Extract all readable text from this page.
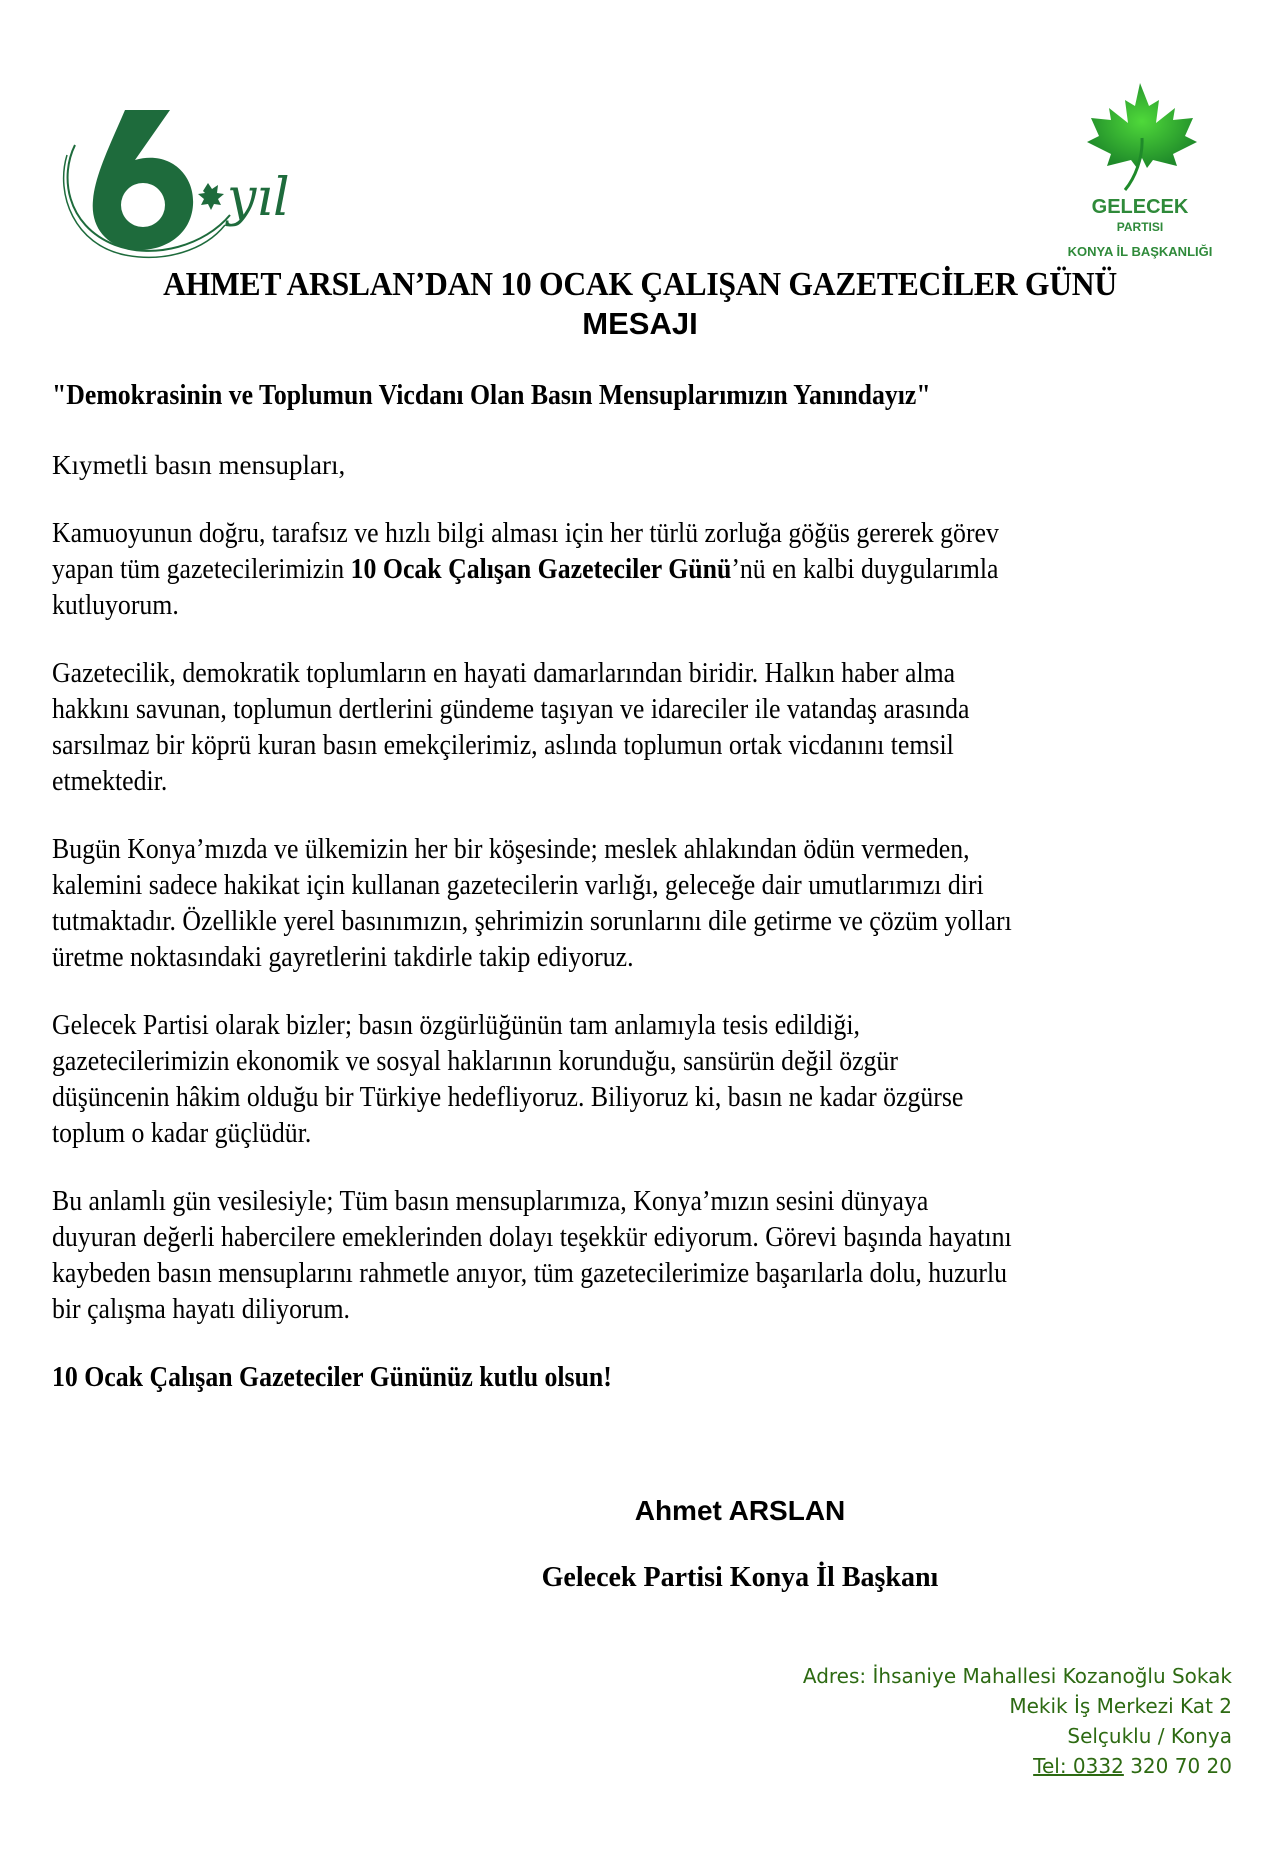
yıl	GELECEK
PARTISI
KONYA İL BAŞKANLIĞI
AHMET ARSLAN’DAN 10 OCAK ÇALIŞAN GAZETECİLER GÜNÜ
MESAJI
"Demokrasinin ve Toplumun Vicdanı Olan Basın Mensuplarımızın Yanındayız"
Kıymetli basın mensupları,
Kamuoyunun doğru, tarafsız ve hızlı bilgi alması için her türlü zorluğa göğüs gererek görev
yapan tüm gazetecilerimizin 10 Ocak Çalışan Gazeteciler Günü’nü en kalbi duygularımla
kutluyorum.
Gazetecilik, demokratik toplumların en hayati damarlarından biridir. Halkın haber alma
hakkını savunan, toplumun dertlerini gündeme taşıyan ve idareciler ile vatandaş arasında
sarsılmaz bir köprü kuran basın emekçilerimiz, aslında toplumun ortak vicdanını temsil
etmektedir.
Bugün Konya’mızda ve ülkemizin her bir köşesinde; meslek ahlakından ödün vermeden,
kalemini sadece hakikat için kullanan gazetecilerin varlığı, geleceğe dair umutlarımızı diri
tutmaktadır. Özellikle yerel basınımızın, şehrimizin sorunlarını dile getirme ve çözüm yolları
üretme noktasındaki gayretlerini takdirle takip ediyoruz.
Gelecek Partisi olarak bizler; basın özgürlüğünün tam anlamıyla tesis edildiği,
gazetecilerimizin ekonomik ve sosyal haklarının korunduğu, sansürün değil özgür
düşüncenin hâkim olduğu bir Türkiye hedefliyoruz. Biliyoruz ki, basın ne kadar özgürse
toplum o kadar güçlüdür.
Bu anlamlı gün vesilesiyle; Tüm basın mensuplarımıza, Konya’mızın sesini dünyaya
duyuran değerli habercilere emeklerinden dolayı teşekkür ediyorum. Görevi başında hayatını
kaybeden basın mensuplarını rahmetle anıyor, tüm gazetecilerimize başarılarla dolu, huzurlu
bir çalışma hayatı diliyorum.
10 Ocak Çalışan Gazeteciler Gününüz kutlu olsun!
Ahmet ARSLAN
Gelecek Partisi Konya İl Başkanı
Adres: İhsaniye Mahallesi Kozanoğlu Sokak
Mekik İş Merkezi Kat 2
Selçuklu / Konya
Tel: 0332 320 70 20
